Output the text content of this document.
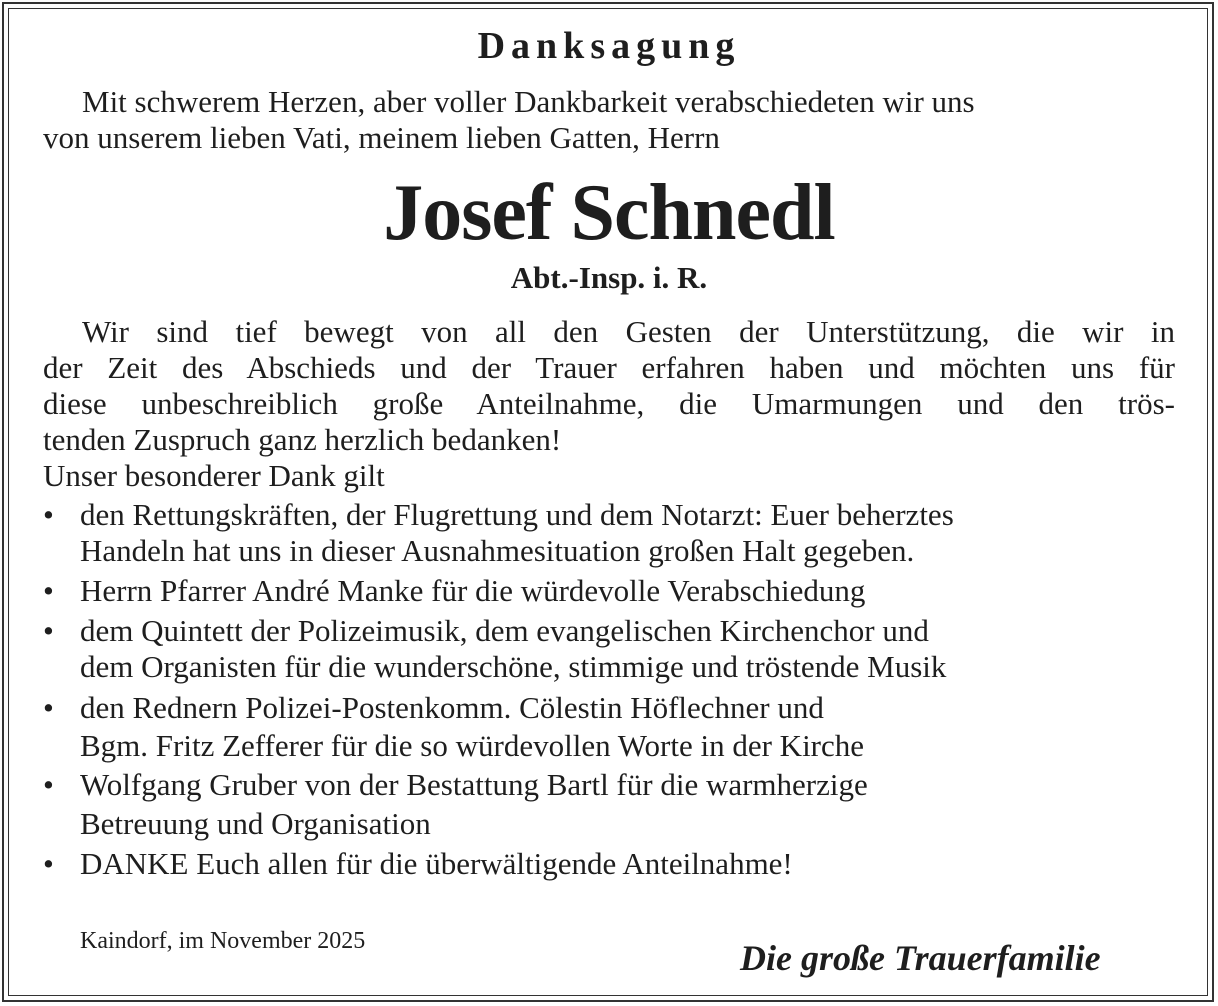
Danksagung
Mit schwerem Herzen, aber voller Dankbarkeit verabschiedeten wir uns
von unserem lieben Vati, meinem lieben Gatten, Herrn
Josef Schnedl
Abt.-Insp. i. R.
Wir sind tief bewegt von all den Gesten der Unterstützung, die wir in
der Zeit des Abschieds und der Trauer erfahren haben und möchten uns für
diese unbeschreiblich große Anteilnahme, die Umarmungen und den trös-
tenden Zuspruch ganz herzlich bedanken!
Unser besonderer Dank gilt
• den Rettungskräften, der Flugrettung und dem Notarzt: Euer beherztes
Handeln hat uns in dieser Ausnahmesituation großen Halt gegeben.
• Herrn Pfarrer André Manke für die würdevolle Verabschiedung
• dem Quintett der Polizeimusik, dem evangelischen Kirchenchor und
dem Organisten für die wunderschöne, stimmige und tröstende Musik
• den Rednern Polizei-Postenkomm. Cölestin Höflechner und
Bgm. Fritz Zefferer für die so würdevollen Worte in der Kirche
• Wolfgang Gruber von der Bestattung Bartl für die warmherzige
Betreuung und Organisation
• DANKE Euch allen für die überwältigende Anteilnahme!
Kaindorf, im November 2025	Die große Trauerfamilie
